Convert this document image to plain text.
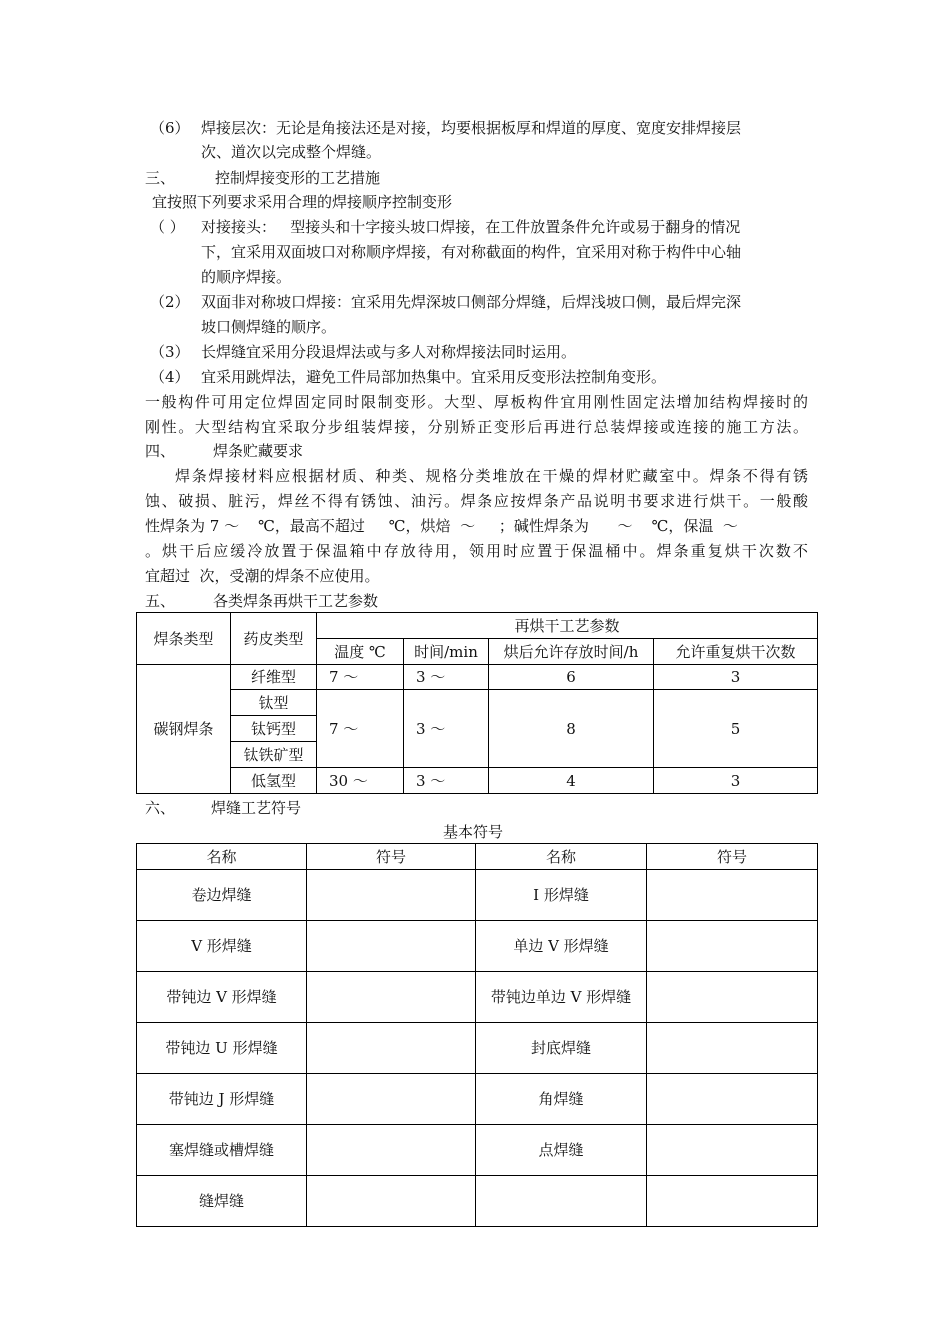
（6） 焊接层次：无论是角接法还是对接，均要根据板厚和焊道的厚度、宽度安排焊接层
次、道次以完成整个焊缝。
三、	控制焊接变形的工艺措施
宜按照下列要求采用合理的焊接顺序控制变形
（ ） 对接接头：   型接头和十字接头坡口焊接，在工件放置条件允许或易于翻身的情况
下，宜采用双面坡口对称顺序焊接，有对称截面的构件，宜采用对称于构件中心轴
的顺序焊接。
（2） 双面非对称坡口焊接：宜采用先焊深坡口侧部分焊缝，后焊浅坡口侧，最后焊完深
坡口侧焊缝的顺序。
（3） 长焊缝宜采用分段退焊法或与多人对称焊接法同时运用。
（4） 宜采用跳焊法，避免工件局部加热集中。宜采用反变形法控制角变形。
一般构件可用定位焊固定同时限制变形。大型、厚板构件宜用刚性固定法增加结构焊接时的
刚性。大型结构宜采取分步组装焊接，分别矫正变形后再进行总装焊接或连接的施工方法。
四、	焊条贮藏要求
焊条焊接材料应根据材质、种类、规格分类堆放在干燥的焊材贮藏室中。焊条不得有锈
蚀、破损、脏污，焊丝不得有锈蚀、油污。焊条应按焊条产品说明书要求进行烘干。一般酸
性焊条为 7 ～    ℃，最高不超过     ℃，烘焙  ～     ；碱性焊条为      ～    ℃，保温  ～
。烘干后应缓冷放置于保温箱中存放待用，领用时应置于保温桶中。焊条重复烘干次数不
宜超过  次，受潮的焊条不应使用。
五、	各类焊条再烘干工艺参数
焊条类型	药皮类型	再烘干工艺参数			
		温度 ℃	时间/min	烘后允许存放时间/h	允许重复烘干次数
碳钢焊条	纤维型	7 ～	3 ～	6	3
	钛型	7 ～	3 ～	8	5
	钛钙型				
	钛铁矿型				
	低氢型	30 ～	3 ～	4	3
六、 焊缝工艺符号
基本符号
名称	符号	名称	符号
卷边焊缝		I 形焊缝	
V 形焊缝		单边 V 形焊缝	
带钝边 V 形焊缝		带钝边单边 V 形焊缝	
带钝边 U 形焊缝		封底焊缝	
带钝边 J 形焊缝		角焊缝	
塞焊缝或槽焊缝		点焊缝	
缝焊缝			
